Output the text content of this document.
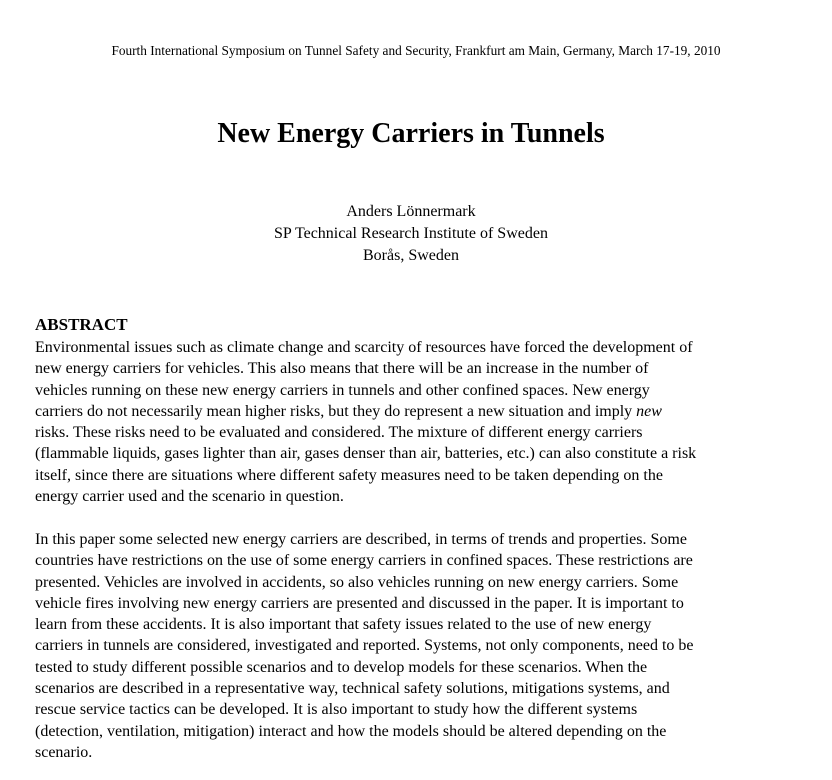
Fourth International Symposium on Tunnel Safety and Security, Frankfurt am Main, Germany, March 17-19, 2010
New Energy Carriers in Tunnels
Anders Lönnermark
SP Technical Research Institute of Sweden
Borås, Sweden
ABSTRACT

Environmental issues such as climate change and scarcity of resources have forced the development of
new energy carriers for vehicles. This also means that there will be an increase in the number of
vehicles running on these new energy carriers in tunnels and other confined spaces. New energy
carriers do not necessarily mean higher risks, but they do represent a new situation and imply new
risks. These risks need to be evaluated and considered. The mixture of different energy carriers
(flammable liquids, gases lighter than air, gases denser than air, batteries, etc.) can also constitute a risk
itself, since there are situations where different safety measures need to be taken depending on the
energy carrier used and the scenario in question.

In this paper some selected new energy carriers are described, in terms of trends and properties. Some
countries have restrictions on the use of some energy carriers in confined spaces. These restrictions are
presented. Vehicles are involved in accidents, so also vehicles running on new energy carriers. Some
vehicle fires involving new energy carriers are presented and discussed in the paper. It is important to
learn from these accidents. It is also important that safety issues related to the use of new energy
carriers in tunnels are considered, investigated and reported. Systems, not only components, need to be
tested to study different possible scenarios and to develop models for these scenarios. When the
scenarios are described in a representative way, technical safety solutions, mitigations systems, and
rescue service tactics can be developed. It is also important to study how the different systems
(detection, ventilation, mitigation) interact and how the models should be altered depending on the
scenario.
